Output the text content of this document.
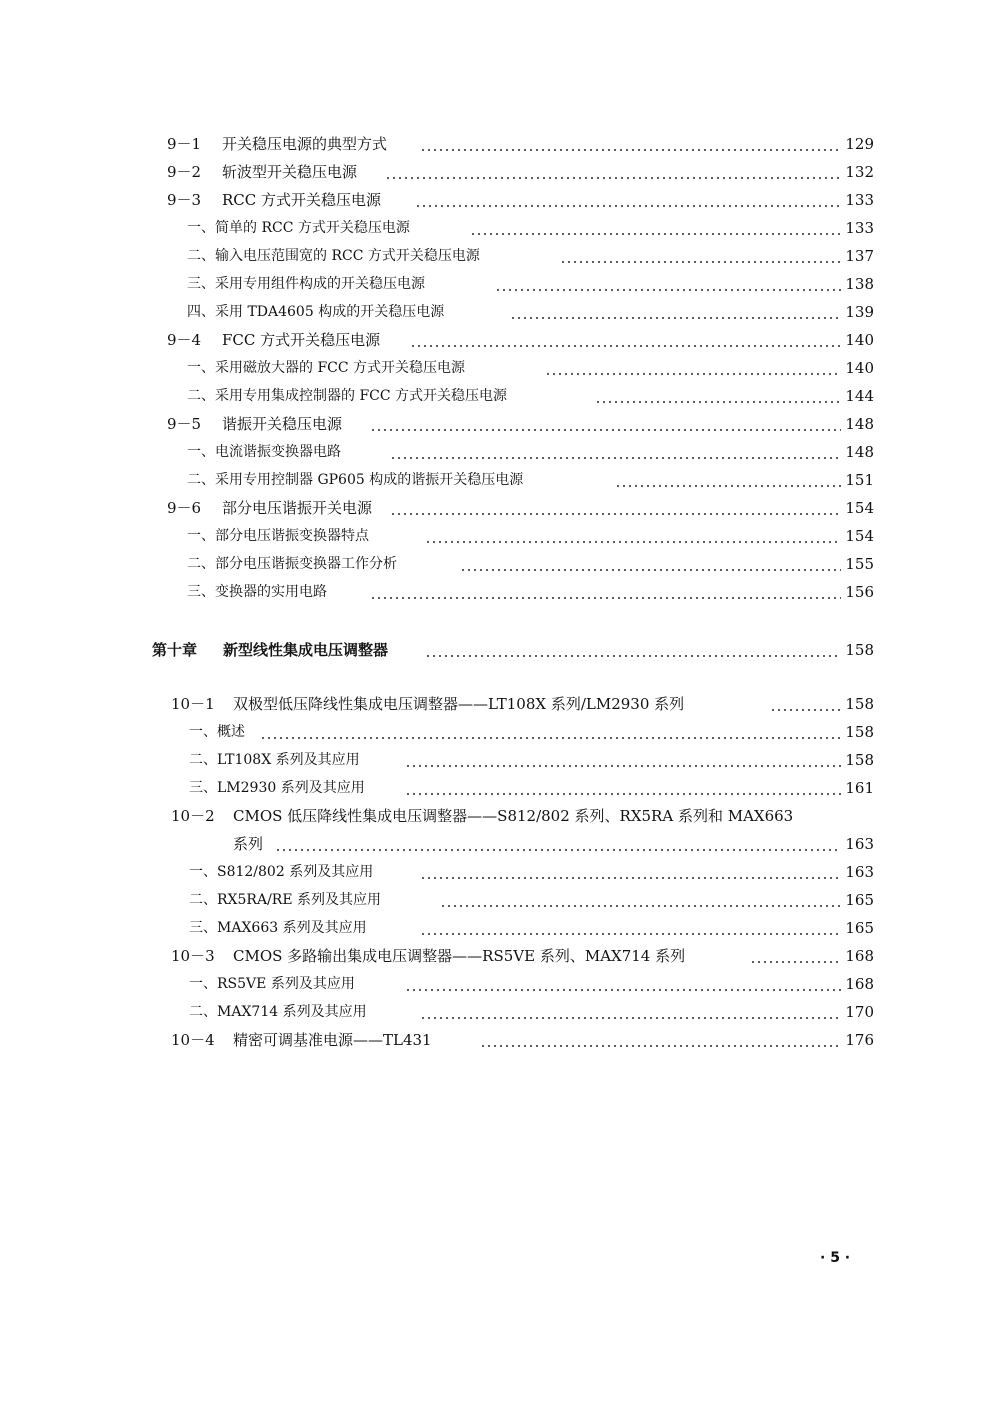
9－1 开关稳压电源的典型方式	129
9－2 斩波型开关稳压电源	132
9－3 RCC 方式开关稳压电源	133
一、简单的 RCC 方式开关稳压电源	133
二、输入电压范围宽的 RCC 方式开关稳压电源	137
三、采用专用组件构成的开关稳压电源	138
四、采用 TDA4605 构成的开关稳压电源	139
9－4 FCC 方式开关稳压电源	140
一、采用磁放大器的 FCC 方式开关稳压电源	140
二、采用专用集成控制器的 FCC 方式开关稳压电源	144
9－5 谐振开关稳压电源	148
一、电流谐振变换器电路	148
二、采用专用控制器 GP605 构成的谐振开关稳压电源	151
9－6 部分电压谐振开关电源	154
一、部分电压谐振变换器特点	154
二、部分电压谐振变换器工作分析	155
三、变换器的实用电路	156
第十章 新型线性集成电压调整器	158
10－1 双极型低压降线性集成电压调整器——LT108X 系列/LM2930 系列	158
一、概述	158
二、LT108X 系列及其应用	158
三、LM2930 系列及其应用	161
10－2 CMOS 低压降线性集成电压调整器——S812/802 系列、RX5RA 系列和 MAX663
系列	163
一、S812/802 系列及其应用	163
二、RX5RA/RE 系列及其应用	165
三、MAX663 系列及其应用	165
10－3 CMOS 多路输出集成电压调整器——RS5VE 系列、MAX714 系列	168
一、RS5VE 系列及其应用	168
二、MAX714 系列及其应用	170
10－4 精密可调基准电源——TL431	176
· 5 ·
